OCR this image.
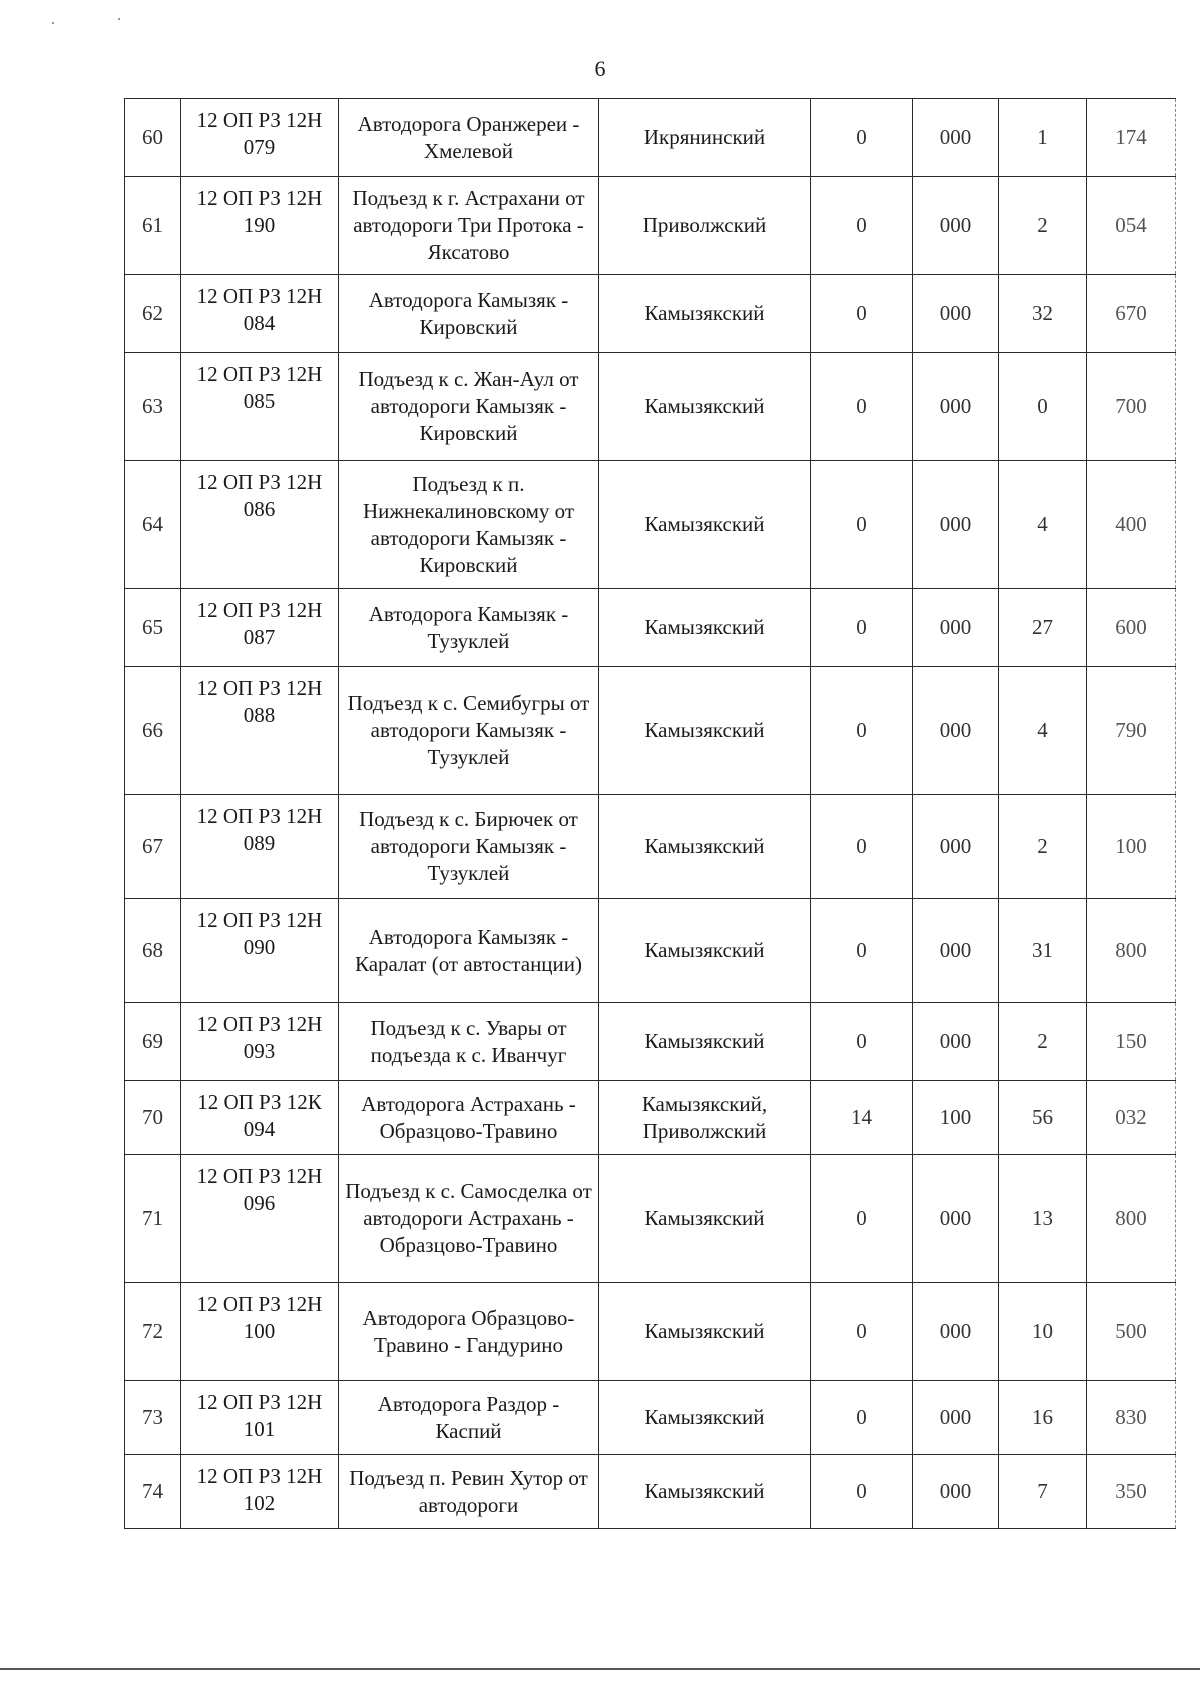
6
60	12 ОП РЗ 12Н 079	Автодорога Оранжереи - Хмелевой	Икрянинский	0	000	1	174
61	12 ОП РЗ 12Н 190	Подъезд к г. Астрахани от автодороги Три Протока - Яксатово	Приволжский	0	000	2	054
62	12 ОП РЗ 12Н 084	Автодорога Камызяк - Кировский	Камызякский	0	000	32	670
63	12 ОП РЗ 12Н 085	Подъезд к с. Жан-Аул от автодороги Камызяк - Кировский	Камызякский	0	000	0	700
64	12 ОП РЗ 12Н 086	Подъезд к п. Нижнекалиновскому от автодороги Камызяк - Кировский	Камызякский	0	000	4	400
65	12 ОП РЗ 12Н 087	Автодорога Камызяк - Тузуклей	Камызякский	0	000	27	600
66	12 ОП РЗ 12Н 088	Подъезд к с. Семибугры от автодороги Камызяк - Тузуклей	Камызякский	0	000	4	790
67	12 ОП РЗ 12Н 089	Подъезд к с. Бирючек от автодороги Камызяк - Тузуклей	Камызякский	0	000	2	100
68	12 ОП РЗ 12Н 090	Автодорога Камызяк - Каралат (от автостанции)	Камызякский	0	000	31	800
69	12 ОП РЗ 12Н 093	Подъезд к с. Увары от подъезда к с. Иванчуг	Камызякский	0	000	2	150
70	12 ОП РЗ 12К 094	Автодорога Астрахань - Образцово-Травино	Камызякский, Приволжский	14	100	56	032
71	12 ОП РЗ 12Н 096	Подъезд к с. Самосделка от автодороги Астрахань - Образцово-Травино	Камызякский	0	000	13	800
72	12 ОП РЗ 12Н 100	Автодорога Образцово-Травино - Гандурино	Камызякский	0	000	10	500
73	12 ОП РЗ 12Н 101	Автодорога Раздор - Каспий	Камызякский	0	000	16	830
74	12 ОП РЗ 12Н 102	Подъезд п. Ревин Хутор от автодороги	Камызякский	0	000	7	350
